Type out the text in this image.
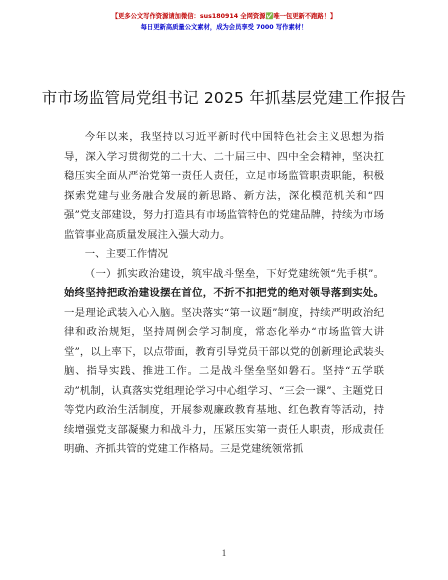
【更多公文写作资源请加微信：sus180914 全网资源✅唯一包更新不跑路！】
每日更新高质量公文素材，成为会员享受 7000 写作素材！
市市场监管局党组书记 2025 年抓基层党建工作报告

今年以来，我坚持以习近平新时代中国特色社会主义思想为指导，深入学习贯彻党的二十大、二十届三中、四中全会精神，坚决扛稳压实全面从严治党第一责任人责任，立足市场监管职责职能，积极探索党建与业务融合发展的新思路、新方法，深化模范机关和“四强”党支部建设，努力打造具有市场监管特色的党建品牌，持续为市场监管事业高质量发展注入强大动力。

一、主要工作情况

（一）抓实政治建设，筑牢战斗堡垒，下好党建统领“先手棋”。始终坚持把政治建设摆在首位，不折不扣把党的绝对领导落到实处。一是理论武装入心入脑。坚决落实“第一议题”制度，持续严明政治纪律和政治规矩，坚持周例会学习制度，常态化举办“市场监管大讲堂”，以上率下，以点带面，教育引导党员干部以党的创新理论武装头脑、指导实践、推进工作。二是战斗堡垒坚如磐石。坚持“五学联动”机制，认真落实党组理论学习中心组学习、“三会一课”、主题党日等党内政治生活制度，开展参观廉政教育基地、红色教育等活动，持续增强党支部凝聚力和战斗力，压紧压实第一责任人职责，形成责任明确、齐抓共管的党建工作格局。三是党建统领常抓

1
